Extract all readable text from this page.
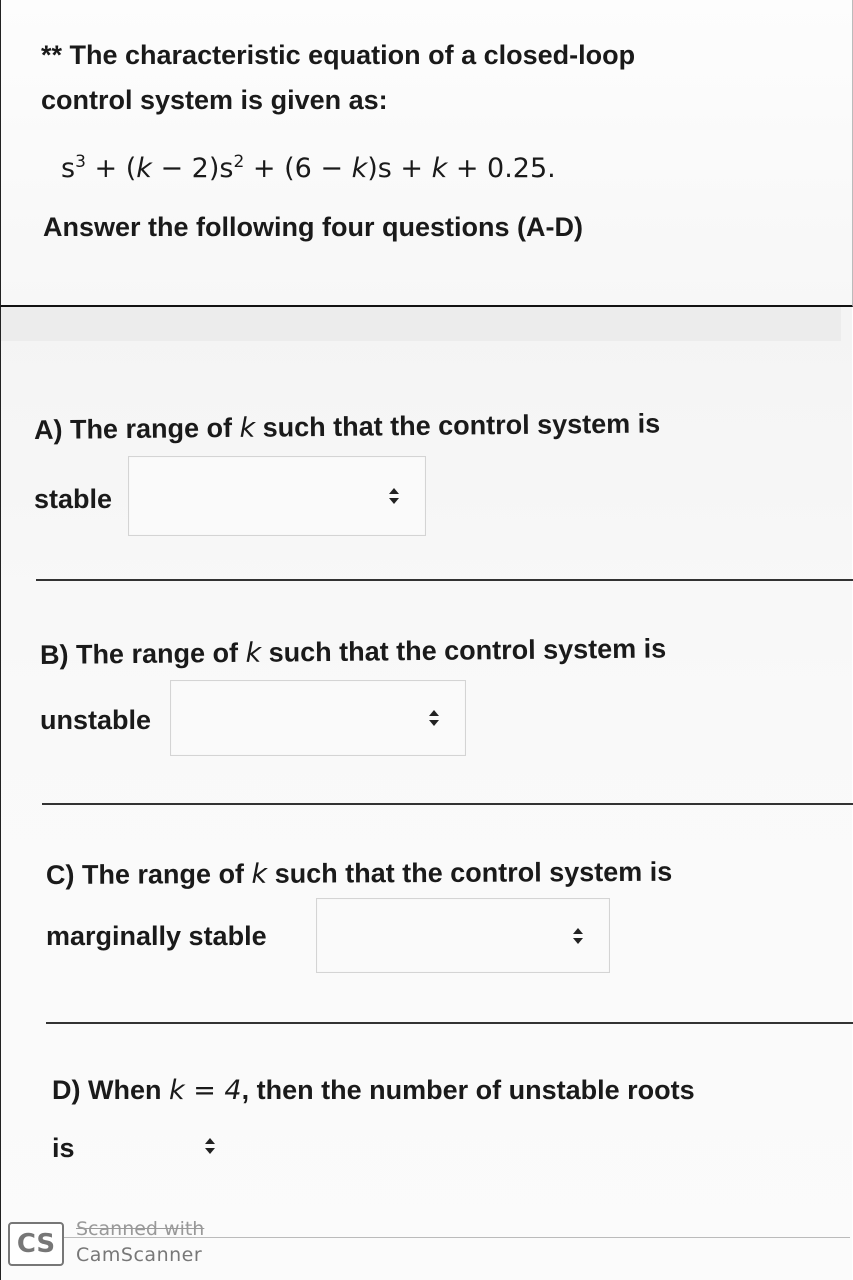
** The characteristic equation of a closed-loop
control system is given as:
$s^3 + (k - 2)s^2 + (6 - k)s + k + 0.25$.
Answer the following four questions (A-D)
A) The range of k such that the control system is
stable
B) The range of k such that the control system is
unstable
C) The range of k such that the control system is
marginally stable
D) When k = 4, then the number of unstable roots
is
CS	Scanned with
CamScanner
